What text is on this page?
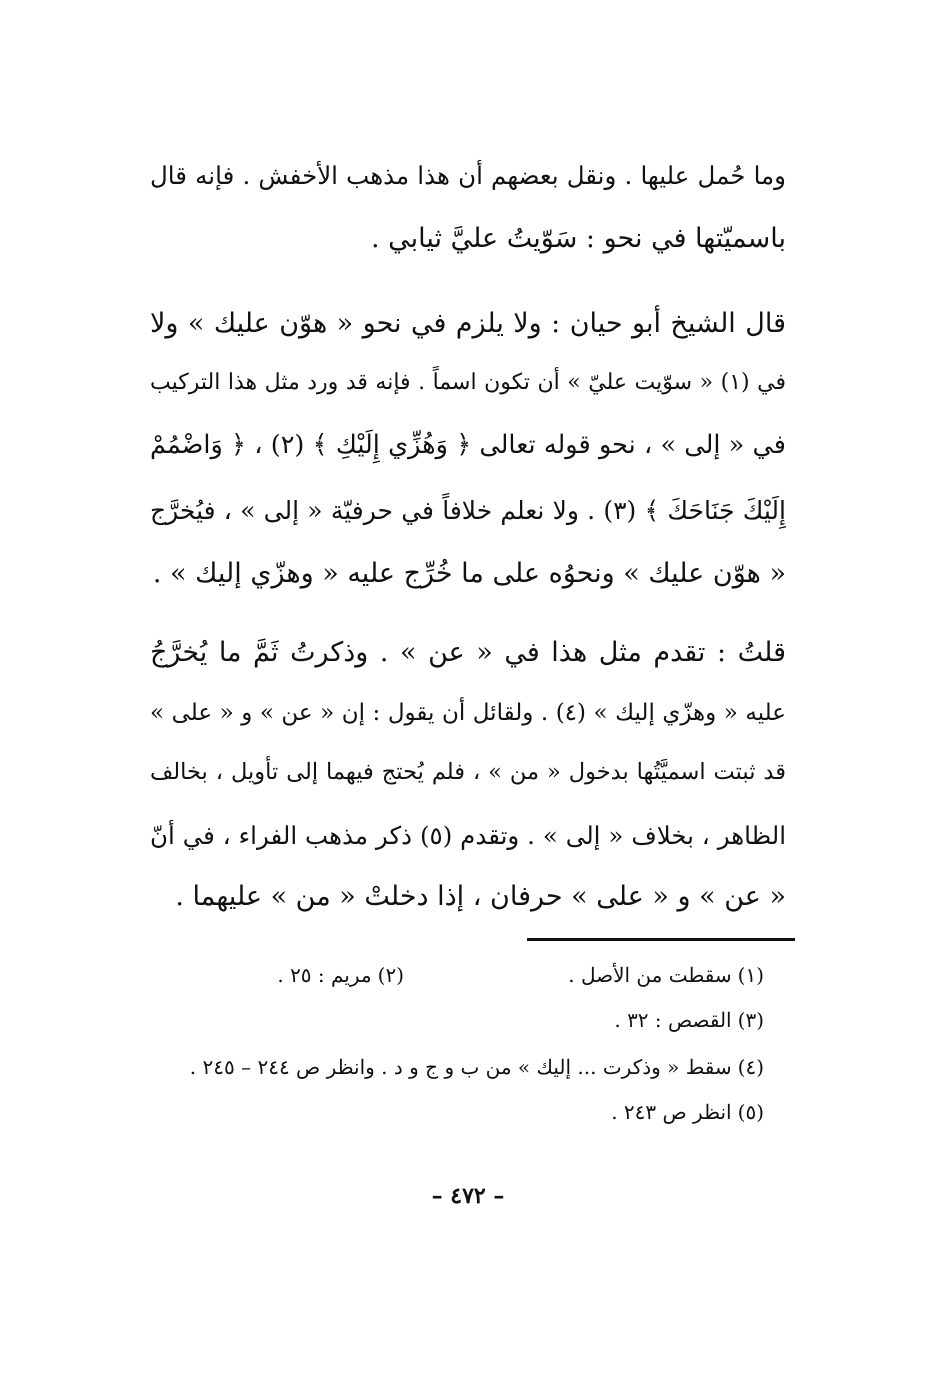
وما حُمل عليها . ونقل بعضهم أن هذا مذهب الأخفش . فإنه قال
باسميّتها في نحو : سَوّيتُ عليَّ ثيابي .
قال الشيخ أبو حيان : ولا يلزم في نحو « هوّن عليك » ولا
في (١) « سوّيت عليّ » أن تكون اسماً . فإنه قد ورد مثل هذا التركيب
في « إلى » ، نحو قوله تعالى ﴿ وَهُزِّي إِلَيْكِ ﴾ (٢) ، ﴿ وَاضْمُمْ
إِلَيْكَ جَنَاحَكَ ﴾ (٣) . ولا نعلم خلافاً في حرفيّة « إلى » ، فيُخرَّج
« هوّن عليك » ونحوُه على ما خُرِّج عليه « وهزّي إليك » .
قلتُ : تقدم مثل هذا في « عن » . وذكرتُ ثَمَّ ما يُخرَّجُ
عليه « وهزّي إليك » (٤) . ولقائل أن يقول : إن « عن » و « على »
قد ثبتت اسميَّتُها بدخول « من » ، فلم يُحتج فيهما إلى تأويل ، بخالف
الظاهر ، بخلاف « إلى » . وتقدم (٥) ذكر مذهب الفراء ، في أنّ
« عن » و « على » حرفان ، إذا دخلتْ « من » عليهما .
(١)سقطت من الأصل .
(٢)مريم : ٢٥ .
(٣)القصص : ٣٢ .
(٤)سقط « وذكرت ... إليك » من ب و ج و د . وانظر ص ٢٤٤ – ٢٤٥ .
(٥)انظر ص ٢٤٣ .
– ٤٧٢ –
